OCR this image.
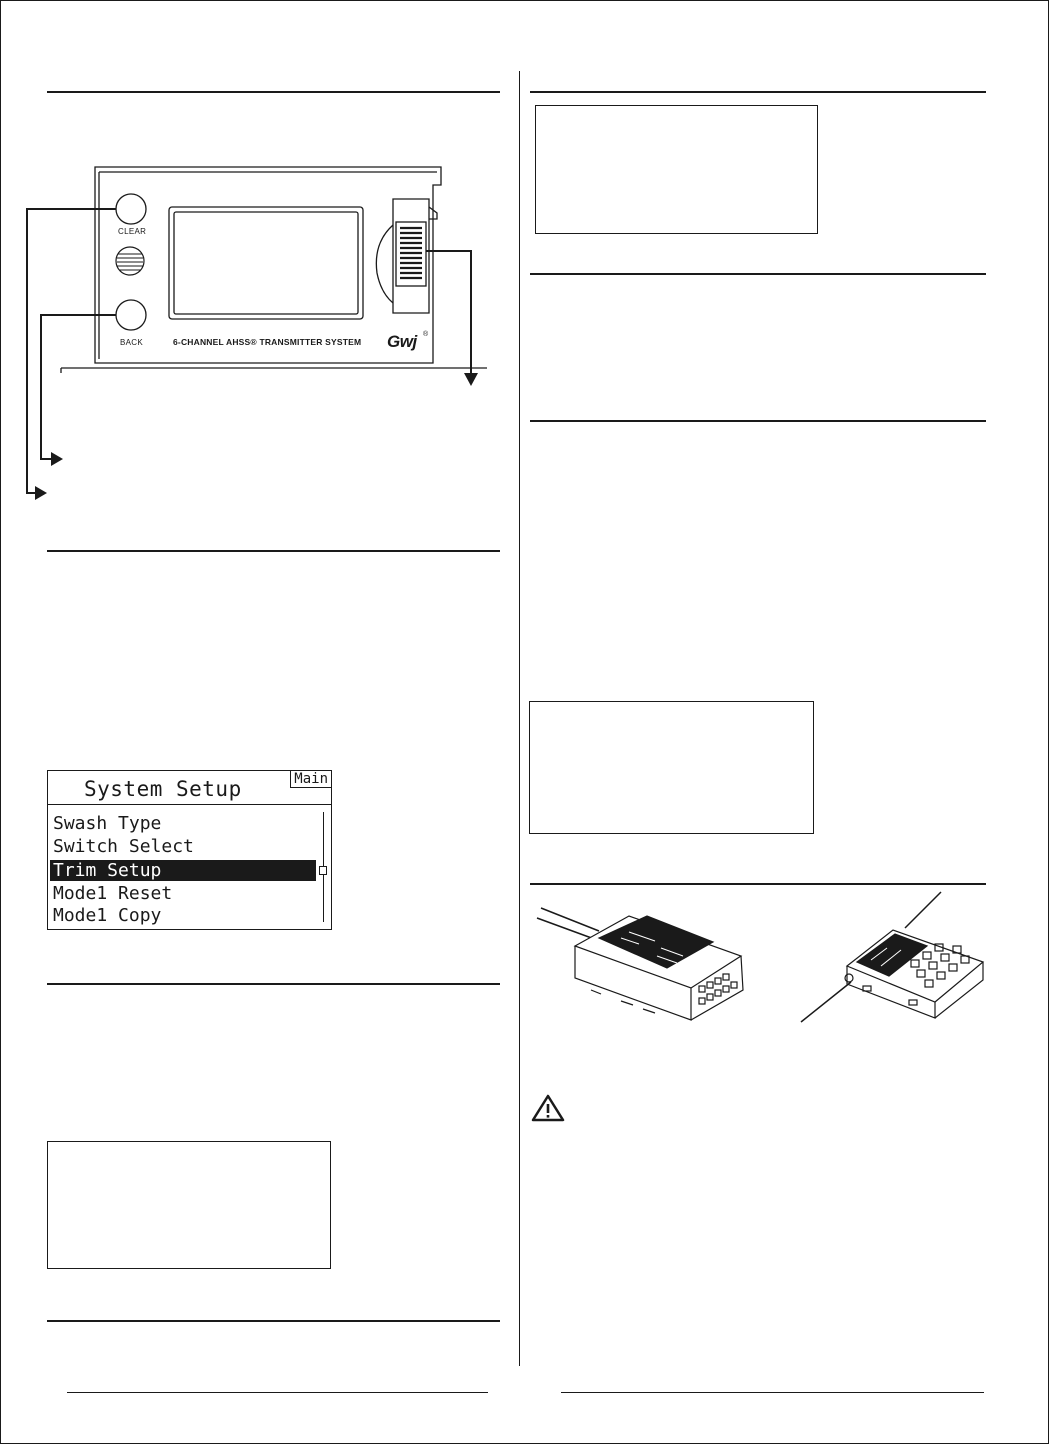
CLEAR
BACK	6-CHANNEL AHSS® TRANSMITTER SYSTEM Gwj ®
System Setup	Main
Swash Type
Switch Select
Trim Setup
Mode1 Reset
Mode1 Copy
